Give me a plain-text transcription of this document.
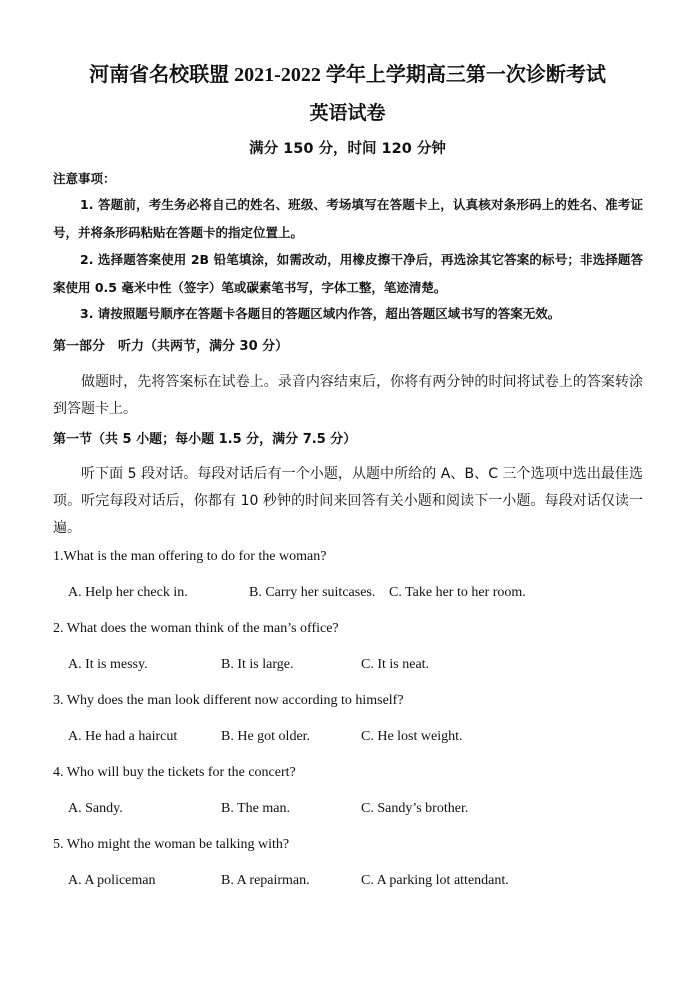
河南省名校联盟 2021-2022 学年上学期高三第一次诊断考试
英语试卷
满分 150 分，时间 120 分钟
注意事项：
1. 答题前，考生务必将自己的姓名、班级、考场填写在答题卡上，认真核对条形码上的姓名、准考证号，并将条形码粘贴在答题卡的指定位置上。
2. 选择题答案使用 2B 铅笔填涂，如需改动，用橡皮擦干净后，再选涂其它答案的标号；非选择题答案使用 0.5 毫米中性（签字）笔或碳素笔书写，字体工整，笔迹清楚。
3. 请按照题号顺序在答题卡各题目的答题区域内作答，超出答题区域书写的答案无效。
第一部分　听力（共两节，满分 30 分）
做题时，先将答案标在试卷上。录音内容结束后，你将有两分钟的时间将试卷上的答案转涂到答题卡上。
第一节（共 5 小题；每小题 1.5 分，满分 7.5 分）
听下面 5 段对话。每段对话后有一个小题，从题中所给的 A、B、C 三个选项中选出最佳选项。听完每段对话后，你都有 10 秒钟的时间来回答有关小题和阅读下一小题。每段对话仅读一遍。
1.What is the man offering to do for the woman?
A. Help her check in.	B. Carry her suitcases. C. Take her to her room.
2. What does the woman think of the man’s office?
A. It is messy.	B. It is large.	C. It is neat.
3. Why does the man look different now according to himself?
A. He had a haircut	B. He got older.	C. He lost weight.
4. Who will buy the tickets for the concert?
A. Sandy.	B. The man.	C. Sandy’s brother.
5. Who might the woman be talking with?
A. A policeman	B. A repairman.	C. A parking lot attendant.
